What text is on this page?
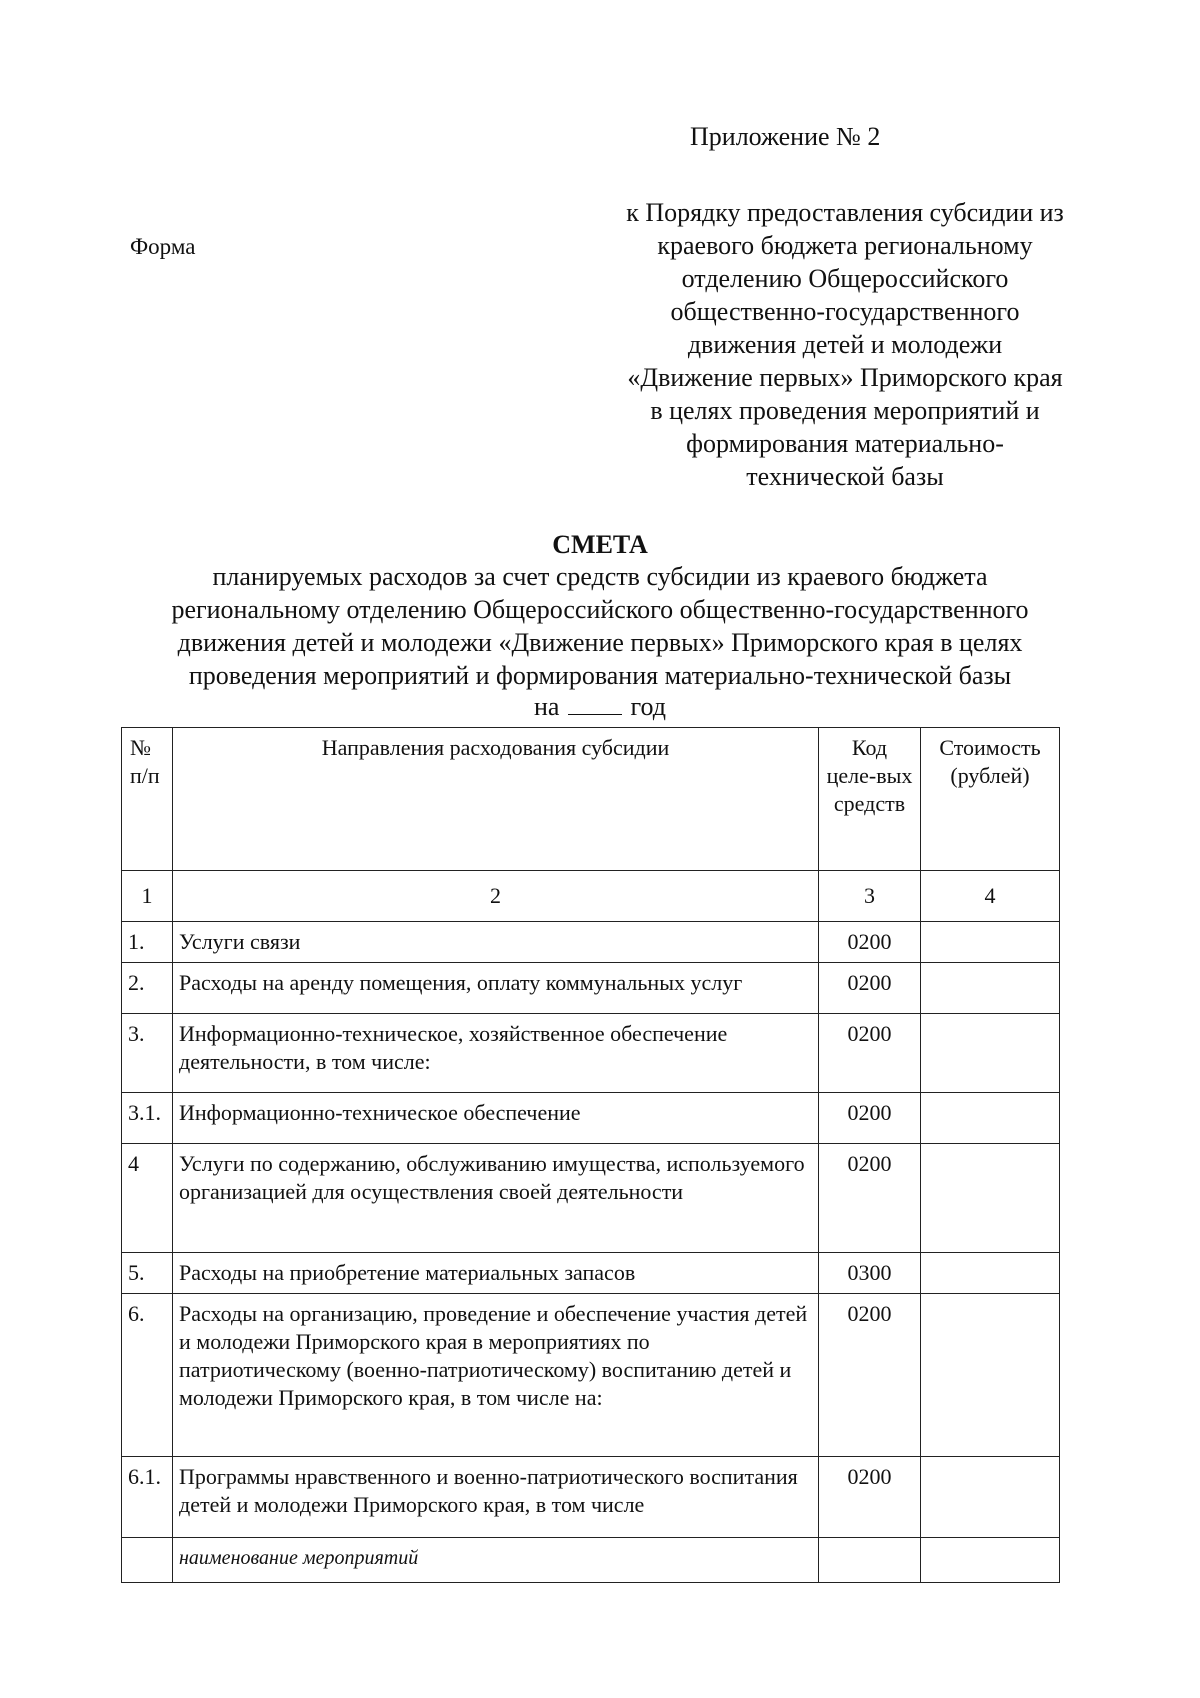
Приложение № 2
Форма
к Порядку предоставления субсидии из
краевого бюджета региональному
отделению Общероссийского
общественно-государственного
движения детей и молодежи
«Движение первых» Приморского края
в целях проведения мероприятий и
формирования материально-
технической базы
СМЕТА
планируемых расходов за счет средств субсидии из краевого бюджета
региональному отделению Общероссийского общественно-государственного
движения детей и молодежи «Движение первых» Приморского края в целях
проведения мероприятий и формирования материально-технической базы
на	год
№ п/п	Направления расходования субсидии	Код целе-вых средств	Стоимость (рублей)
1	2	3	4
1.	Услуги связи	0200	
2.	Расходы на аренду помещения, оплату коммунальных услуг	0200	
3.	Информационно-техническое, хозяйственное обеспечение деятельности, в том числе:	0200	
3.1.	Информационно-техническое обеспечение	0200	
4	Услуги по содержанию, обслуживанию имущества, используемого организацией для осуществления своей деятельности	0200	
5.	Расходы на приобретение материальных запасов	0300	
6.	Расходы на организацию, проведение и обеспечение участия детей и молодежи Приморского края в мероприятиях по патриотическому (военно-патриотическому) воспитанию детей и молодежи Приморского края, в том числе на:	0200	
6.1.	Программы нравственного и военно-патриотического воспитания детей и молодежи Приморского края, в том числе	0200	
	наименование мероприятий		
